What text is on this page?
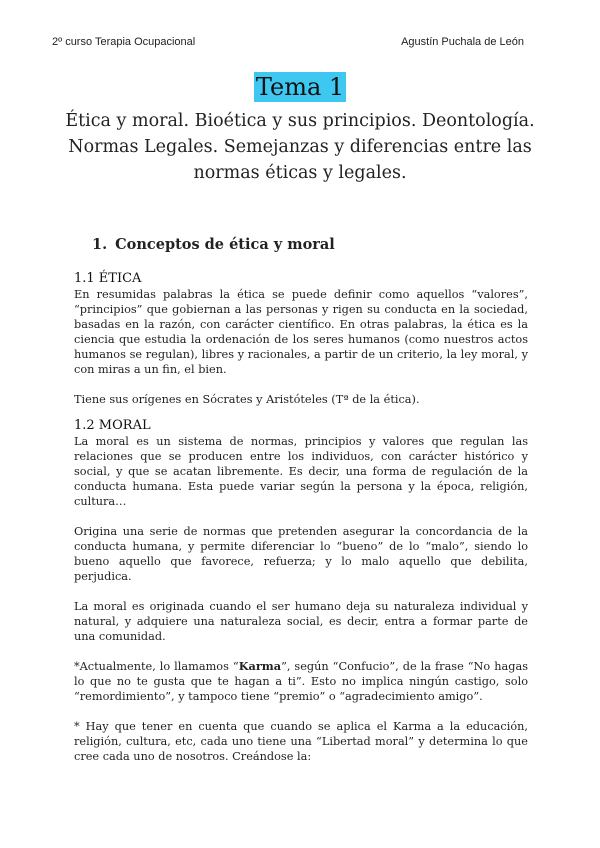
2º curso Terapia Ocupacional	Agustín Puchala de León
Tema 1
Ética y moral. Bioética y sus principios. Deontología. Normas Legales. Semejanzas y diferencias entre las normas éticas y legales.
1. Conceptos de ética y moral
1.1 ÉTICA

En resumidas palabras la ética se puede definir como aquellos “valores”, “principios” que gobiernan a las personas y rigen su conducta en la sociedad, basadas en la razón, con carácter científico. En otras palabras, la ética es la ciencia que estudia la ordenación de los seres humanos (como nuestros actos humanos se regulan), libres y racionales, a partir de un criterio, la ley moral, y con miras a un fin, el bien.

Tiene sus orígenes en Sócrates y Aristóteles (Tª de la ética).

1.2 MORAL

La moral es un sistema de normas, principios y valores que regulan las relaciones que se producen entre los individuos, con carácter histórico y social, y que se acatan libremente. Es decir, una forma de regulación de la conducta humana. Esta puede variar según la persona y la época, religión, cultura…

Origina una serie de normas que pretenden asegurar la concordancia de la conducta humana, y permite diferenciar lo “bueno” de lo “malo”, siendo lo bueno aquello que favorece, refuerza; y lo malo aquello que debilita, perjudica.

La moral es originada cuando el ser humano deja su naturaleza individual y natural, y adquiere una naturaleza social, es decir, entra a formar parte de una comunidad.

*Actualmente, lo llamamos “Karma”, según “Confucio”, de la frase “No hagas lo que no te gusta que te hagan a ti”. Esto no implica ningún castigo, solo “remordimiento”, y tampoco tiene “premio” o “agradecimiento amigo”.

* Hay que tener en cuenta que cuando se aplica el Karma a la educación, religión, cultura, etc, cada uno tiene una “Libertad moral” y determina lo que cree cada uno de nosotros. Creándose la:
